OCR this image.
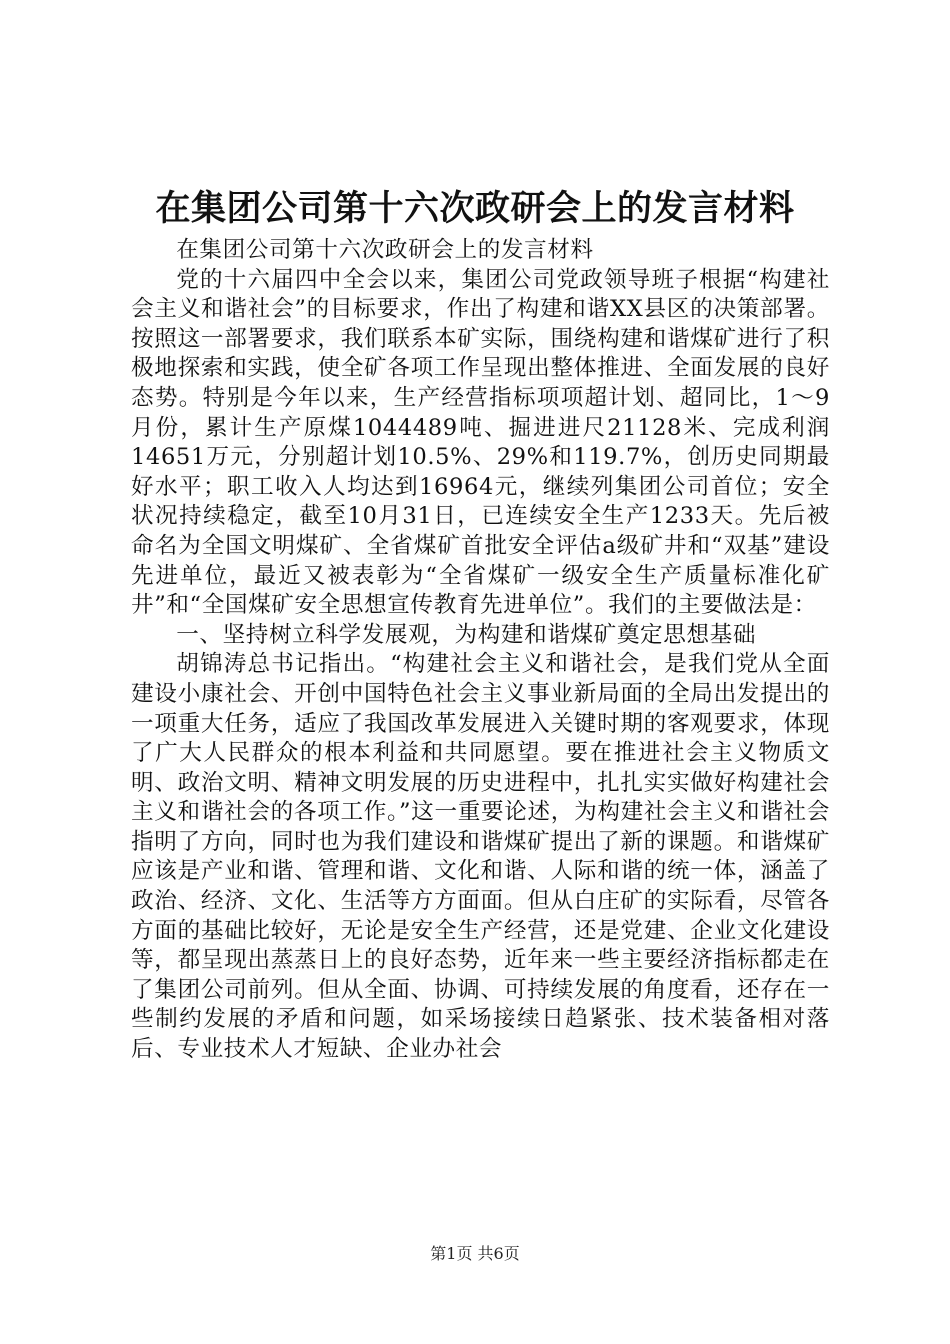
在集团公司第十六次政研会上的发言材料

在集团公司第十六次政研会上的发言材料

党的十六届四中全会以来，集团公司党政领导班子根据“构建社会主义和谐社会”的目标要求，作出了构建和谐XX县区的决策部署。按照这一部署要求，我们联系本矿实际，围绕构建和谐煤矿进行了积极地探索和实践，使全矿各项工作呈现出整体推进、全面发展的良好态势。特别是今年以来，生产经营指标项项超计划、超同比，1～9月份，累计生产原煤1044489吨、掘进进尺21128米、完成利润14651万元，分别超计划10.5%、29%和119.7%，创历史同期最好水平；职工收入人均达到16964元，继续列集团公司首位；安全状况持续稳定，截至10月31日，已连续安全生产1233天。先后被命名为全国文明煤矿、全省煤矿首批安全评估a级矿井和“双基”建设先进单位，最近又被表彰为“全省煤矿一级安全生产质量标准化矿井”和“全国煤矿安全思想宣传教育先进单位”。我们的主要做法是：

一、坚持树立科学发展观，为构建和谐煤矿奠定思想基础

胡锦涛总书记指出。“构建社会主义和谐社会，是我们党从全面建设小康社会、开创中国特色社会主义事业新局面的全局出发提出的一项重大任务，适应了我国改革发展进入关键时期的客观要求，体现了广大人民群众的根本利益和共同愿望。要在推进社会主义物质文明、政治文明、精神文明发展的历史进程中，扎扎实实做好构建社会主义和谐社会的各项工作。”这一重要论述，为构建社会主义和谐社会指明了方向，同时也为我们建设和谐煤矿提出了新的课题。和谐煤矿应该是产业和谐、管理和谐、文化和谐、人际和谐的统一体，涵盖了政治、经济、文化、生活等方方面面。但从白庄矿的实际看，尽管各方面的基础比较好，无论是安全生产经营，还是党建、企业文化建设等，都呈现出蒸蒸日上的良好态势，近年来一些主要经济指标都走在了集团公司前列。但从全面、协调、可持续发展的角度看，还存在一些制约发展的矛盾和问题，如采场接续日趋紧张、技术装备相对落后、专业技术人才短缺、企业办社会

第1页 共6页
